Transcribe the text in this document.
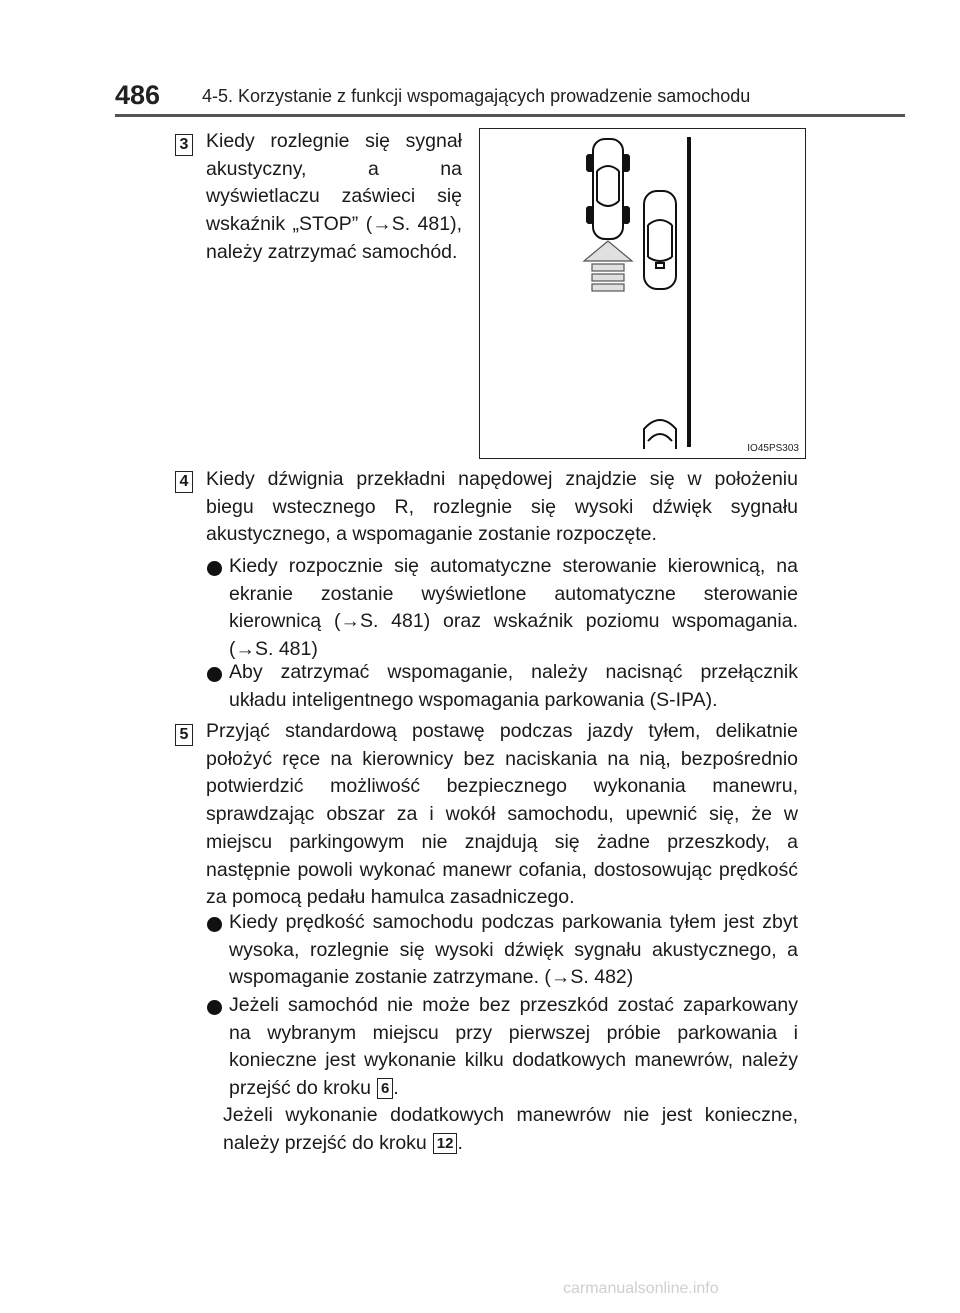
486 4-5. Korzystanie z funkcji wspomagających prowadzenie samochodu
3 Kiedy rozlegnie się sygnał akustyczny, a na wyświetlaczu zaświeci się wskaźnik „STOP” (→S. 481), należy zatrzymać samochód.

IO45PS303
4 Kiedy dźwignia przekładni napędowej znajdzie się w położeniu biegu wstecznego R, rozlegnie się wysoki dźwięk sygnału akustycznego, a wspomaganie zostanie rozpoczęte.

Kiedy rozpocznie się automatyczne sterowanie kierownicą, na ekranie zostanie wyświetlone automatyczne sterowanie kierownicą (→S. 481) oraz wskaźnik poziomu wspomagania. (→S. 481)

Aby zatrzymać wspomaganie, należy nacisnąć przełącznik układu inteligentnego wspomagania parkowania (S-IPA).

5 Przyjąć standardową postawę podczas jazdy tyłem, delikatnie położyć ręce na kierownicy bez naciskania na nią, bezpośrednio potwierdzić możliwość bezpiecznego wykonania manewru, sprawdzając obszar za i wokół samochodu, upewnić się, że w miejscu parkingowym nie znajdują się żadne przeszkody, a następnie powoli wykonać manewr cofania, dostosowując prędkość za pomocą pedału hamulca zasadniczego.

Kiedy prędkość samochodu podczas parkowania tyłem jest zbyt wysoka, rozlegnie się wysoki dźwięk sygnału akustycznego, a wspomaganie zostanie zatrzymane. (→S. 482)

Jeżeli samochód nie może bez przeszkód zostać zaparkowany na wybranym miejscu przy pierwszej próbie parkowania i konieczne jest wykonanie kilku dodatkowych manewrów, należy przejść do kroku 6 .

Jeżeli wykonanie dodatkowych manewrów nie jest konieczne, należy przejść do kroku 12 .

carmanualsonline.info
